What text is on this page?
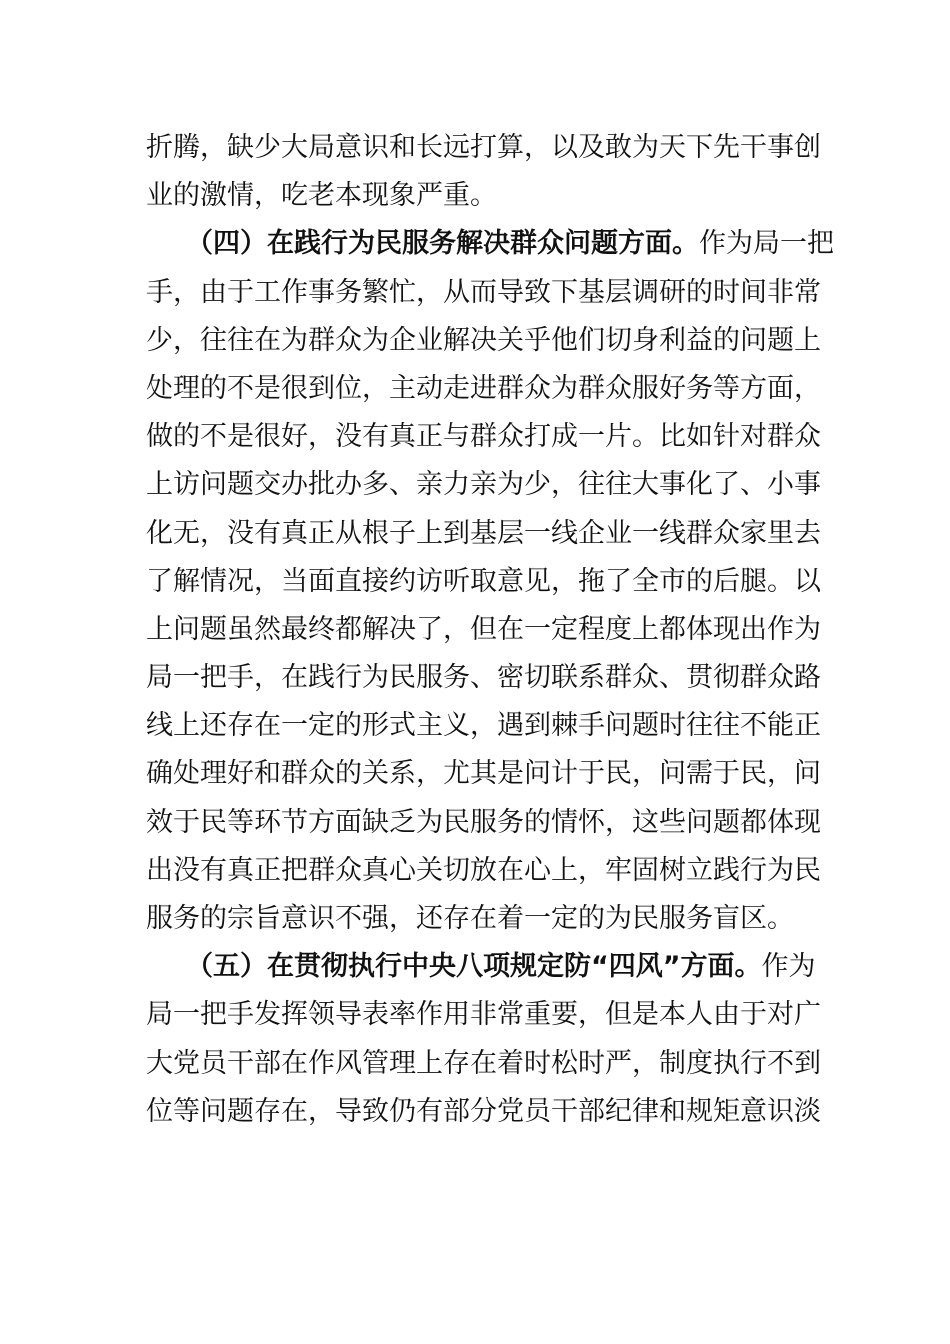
折腾，缺少大局意识和长远打算，以及敢为天下先干事创
业的激情，吃老本现象严重。
（四）在践行为民服务解决群众问题方面。作为局一把
手，由于工作事务繁忙，从而导致下基层调研的时间非常
少，往往在为群众为企业解决关乎他们切身利益的问题上
处理的不是很到位，主动走进群众为群众服好务等方面，
做的不是很好，没有真正与群众打成一片。比如针对群众
上访问题交办批办多、亲力亲为少，往往大事化了、小事
化无，没有真正从根子上到基层一线企业一线群众家里去
了解情况，当面直接约访听取意见，拖了全市的后腿。以
上问题虽然最终都解决了，但在一定程度上都体现出作为
局一把手，在践行为民服务、密切联系群众、贯彻群众路
线上还存在一定的形式主义，遇到棘手问题时往往不能正
确处理好和群众的关系，尤其是问计于民，问需于民，问
效于民等环节方面缺乏为民服务的情怀，这些问题都体现
出没有真正把群众真心关切放在心上，牢固树立践行为民
服务的宗旨意识不强，还存在着一定的为民服务盲区。
（五）在贯彻执行中央八项规定防“四风”方面。作为
局一把手发挥领导表率作用非常重要，但是本人由于对广
大党员干部在作风管理上存在着时松时严，制度执行不到
位等问题存在，导致仍有部分党员干部纪律和规矩意识淡
